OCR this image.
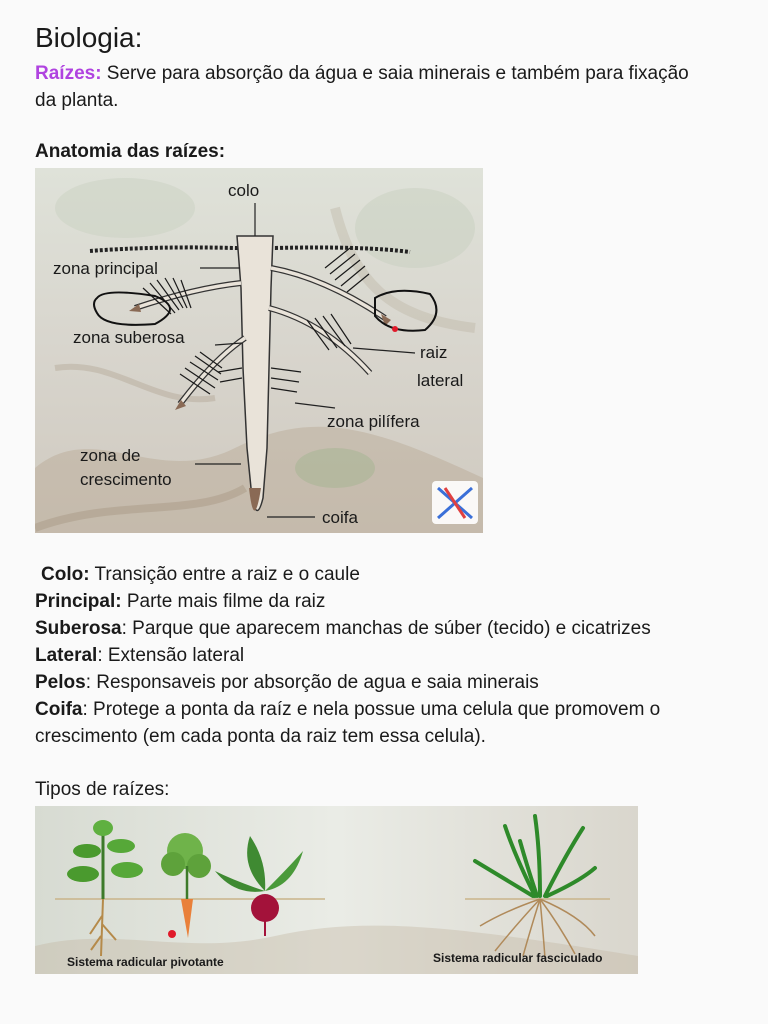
Biologia:
Raízes: Serve para absorção da água e saia minerais e também para fixação da planta.
Anatomia das raízes:
colo
zona principal
zona suberosa
raiz
lateral
zona pilífera
zona de
crescimento
coifa
Colo: Transição entre a raiz e o caule
Principal: Parte mais filme da raiz
Suberosa: Parque que aparecem manchas de súber (tecido) e cicatrizes
Lateral: Extensão lateral
Pelos: Responsaveis por absorção de agua e saia minerais
Coifa: Protege a ponta da raíz e nela possue uma celula que promovem o crescimento (em cada ponta da raiz tem essa celula).
Tipos de raízes:
Sistema radicular pivotante	Sistema radicular fasciculado
